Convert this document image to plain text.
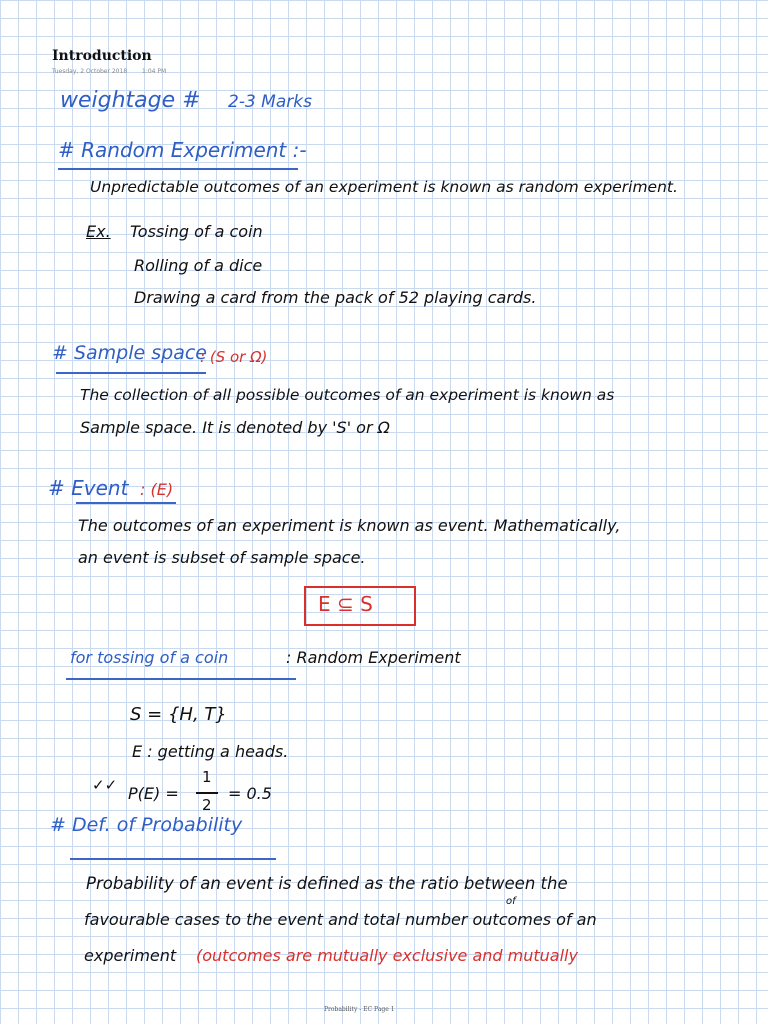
Introduction
Tuesday, 2 October 2018 1:04 PM
weightage # 2-3 Marks
# Random Experiment :-
Unpredictable outcomes of an experiment is known as random experiment.
Ex. Tossing of a coin
Rolling of a dice
Drawing a card from the pack of 52 playing cards.
# Sample space
: (S or Ω)
The collection of all possible outcomes of an experiment is known as
Sample space. It is denoted by 'S' or Ω
# Event : (E)
The outcomes of an experiment is known as event. Mathematically,
an event is subset of sample space.
E ⊆ S
for tossing of a coin	: Random Experiment
S = {H, T}
E : getting a heads.
✓✓ P(E) =
1
2
= 0.5
# Def. of Probability
Probability of an event is defined as the ratio between the
of
favourable cases to the event and total number outcomes of an
experiment (outcomes are mutually exclusive and mutually
Probability - EC Page 1
